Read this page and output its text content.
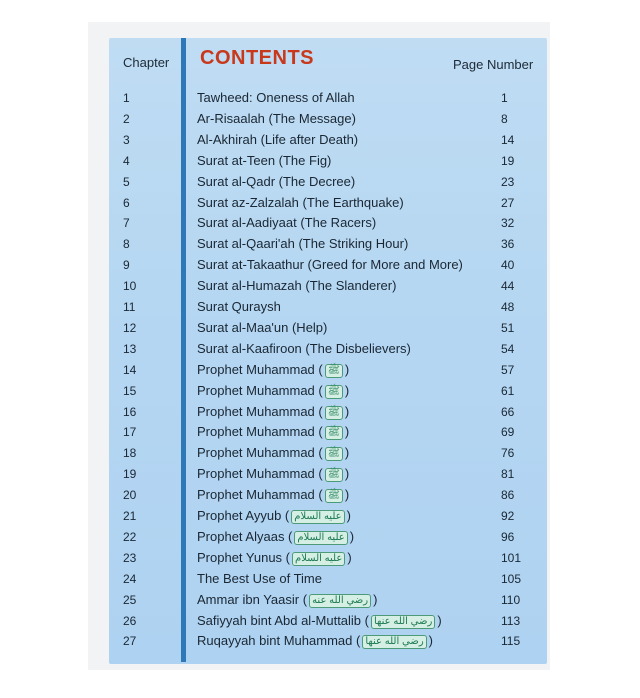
Chapter CONTENTS	Page Number
1	Tawheed: Oneness of Allah	1
2	Ar-Risaalah (The Message)	8
3	Al-Akhirah (Life after Death)	14
4	Surat at-Teen (The Fig)	19
5	Surat al-Qadr (The Decree)	23
6	Surat az-Zalzalah (The Earthquake)	27
7	Surat al-Aadiyaat (The Racers)	32
8	Surat al-Qaari'ah (The Striking Hour)	36
9	Surat at-Takaathur (Greed for More and More)	40
10	Surat al-Humazah (The Slanderer)	44
11	Surat Quraysh	48
12	Surat al-Maa'un (Help)	51
13	Surat al-Kaafiroon (The Disbelievers)	54
14	Prophet Muhammad ( ﷺ )	57
15	Prophet Muhammad ( ﷺ )	61
16	Prophet Muhammad ( ﷺ )	66
17	Prophet Muhammad ( ﷺ )	69
18	Prophet Muhammad ( ﷺ )	76
19	Prophet Muhammad ( ﷺ )	81
20	Prophet Muhammad ( ﷺ )	86
21	Prophet Ayyub ( عليه السلام )	92
22	Prophet Alyaas ( عليه السلام )	96
23	Prophet Yunus ( عليه السلام )	101
24	The Best Use of Time	105
25	Ammar ibn Yaasir ( رضي الله عنه )	110
26	Safiyyah bint Abd al-Muttalib ( رضي الله عنها )	113
27	Ruqayyah bint Muhammad ( رضي الله عنها )	115
